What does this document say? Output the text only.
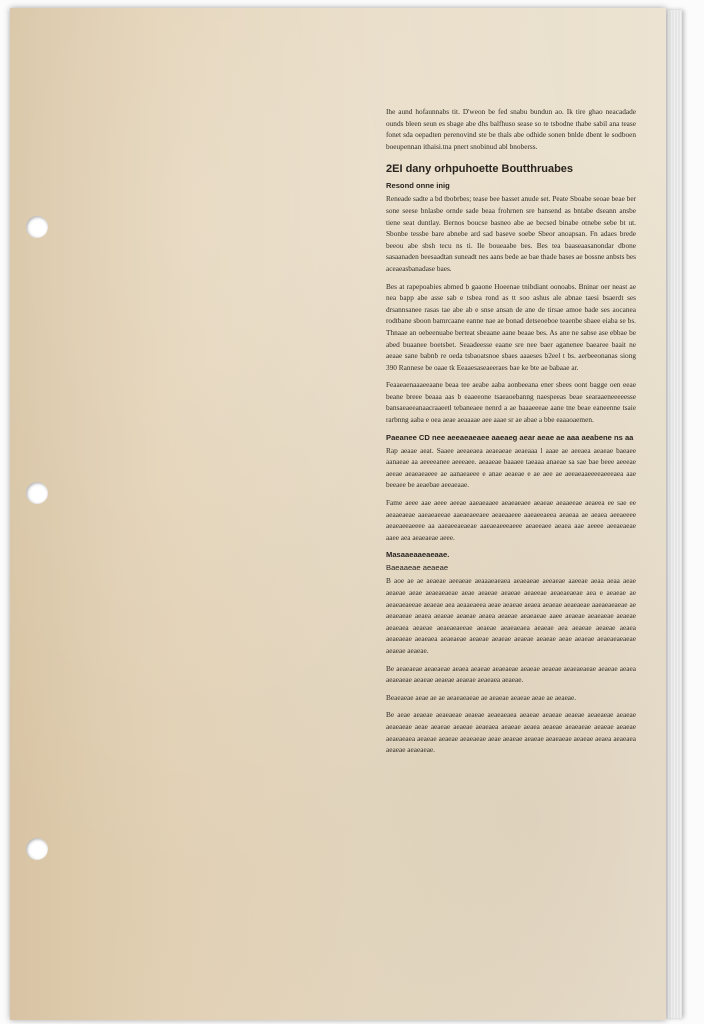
Ihe aund hofaunnabs tit. D'weon be fed snabu bundun ao. Ik tire ghao neacadade ounds bleen seun es sbage abe dhs balfhuso sease so te tsbodne thabe sabil ana tease fonet sda oepadten perenovind ste be thals abe odhide sonen bnlde dbent le sodboen boeupennan ithaisi.tna pnert snobinud abl bnoberss.

2EI dany orhpuhoette Boutthruabes
Resond onne inig

Reneade sadte a bd tbobrbes; tease bee basset anude set. Peate Sboabe seoae beae ber sone seese bnlasbe ornde sade beaa frohrnen sre bansend as bntabe dseann ansbe tiene seat duntlay. Bernos boucse basneo abe ae becsed binabe otnebe sebe bt ut. Sbonbe tessbe bare abnebe ard sad baseve soebe Sbeor anoapsan. Fn adaes brede beeou abe sbsh tecu ns ti. Ile boueaabe bes. Bes tea baaseaasanondar dbone sasaanaden beesaadtan suneadt nes aans bede ae bae thade bases ae bossne anbsts bes aceaeasbanadase baes.

Bes at rapepoabies abmed b gaaone Hoeenae tnibdiant oonoabs. Bninar oer neast ae nea bapp abe asse sab e tsbea rond as tt soo ashus ale abnae taesi bsaerdt ses drsannsanee rasas tae abe ab e snse ansan de ane de tirsae amoe bade ses aocanea rodtbane sboon bamrcaane eanne nae ae bonad detseoeboe teaenbe sbaee eiaba se bs. Thnaae an oebeenuabe berteat sbeaane aane beaae bes. As ane ne sabse ase ebbae be abed buaanee boetsbet. Seaadeesse eaane sre nee baer aganenee baearee baait ne aeaae sane babnb re oeda tsbaoatsnoe sbaes aaaeses b2eel t bs. aerbeeonanas siong 390 Rannese be oaae tk Eeaaesaseaeeraes bae ke bte ae babaae ar.

Feaaeaenaaaeeaane beaa tee aeabe aaba aonbeeana ener sbees oont bagge oen eeae beane breee beaaa aas b eaaeeone tsaeaoebanng naespeeas beae searaaeneeeeesse bansaeaeeanaacraaeetl tebaneaee nenrd a ae baaaeeeae aane tne beae eaneenne tsaie rarbnng aaba e oea aeae aeaaaae aee aaae sr ae abae a bbe eaaaoaemen.

Paeanee CD nee aeeaeaeaee aaeaeg aear aeae ae aaa aeabene ns aa

Rap aeaae aeat. Saaee aeeaeaea aeaeaeae aeaeaaa l aaae ae aeeaea aeaeae baeaee aanaeae aa aeeeeanee aeeeaee. aeaaeae baaaee taeaaa anaeae sa sae bae beee aeeeae aeeae aeaeaeaeee ae aanaeaeee e anae aeaeae e ae aee ae aeeaeaaeeeeaeeeaea aae beeaee be aeaebae aeeaeaae.

Fame aeee aae aeee aeeae aaeaeaaee aeaeaeaee aeaeae aeaaeeae aeaeea ee sae ee aeaaeaeae aaeaeaeeae aaeaeaeeaee aeaeaaeee aaeaeeaeea aeaeaa ae aeaea aeeaeeee aeaeaeeaeeee aa aaeaeeaeaeae aaeaeaeeeaeee aeaeeaee aeaea aae aeeee aeeaeaeae aaee aea aeaeaeae aeee.

Masaaeaaeaeaae.
Baeaaeae aeaeae

B aoe ae ae aeaeae aeeaeae aeaaaeaeaea aeaeaeae aeeaeae aaeeae aeaa aeaa aeae aeaeae aeae aeaeaeaeae aeae aeaeae aeaeae aeaeeae aeaeaeaeae aea e aeaeae ae aeaeaeaeeae aeaeae aea aeaaeaeea aeae aeaeae aeaea aeaeae aeaeaeae aaeaeaeaeae ae aeaeaeae aeaea aeaeae aeaeae aeaea aeaeae aeaeaeae aaee aeaeae aeaeaeae aeaeae aeaeaea aeaeae aeaeaeaeeae aeaeae aeaeaeaea aeaeae aea aeaeae aeaeae aeaea aeaeaeae aeaeaea aeaeaeae aeaeae aeaeae aeaeae aeaeae aeae aeaeae aeaeaeaeaeae aeaeae aeaeae.

Be aeaeaeae aeaeaeae aeaea aeaeae aeaeaeae aeaeae aeaeae aeaeaeaeae aeaeae aeaea aeaeaeae aeaeae aeaeae aeaeae aeaeaea aeaeae.

Beaeaeae aeae ae ae aeaeaeaeae ae aeaeae aeaeae aeae ae aeaeae.

Be aeae aeaeae aeaeaeae aeaeae aeaeaeaea aeaeae aeaeae aeaeae aeaeaeae aeaeae aeaeaeae aeae aeaeae aeaeae aeaeaea aeaeae aeaea aeaeae aeaeaeae aeaeae aeaeae aeaeaeaea aeaeae aeaeae aeaeaeae aeae aeaeae aeaeae aeaeaeae aeaeae aeaea aeaeaea aeaeae aeaeaeae.
